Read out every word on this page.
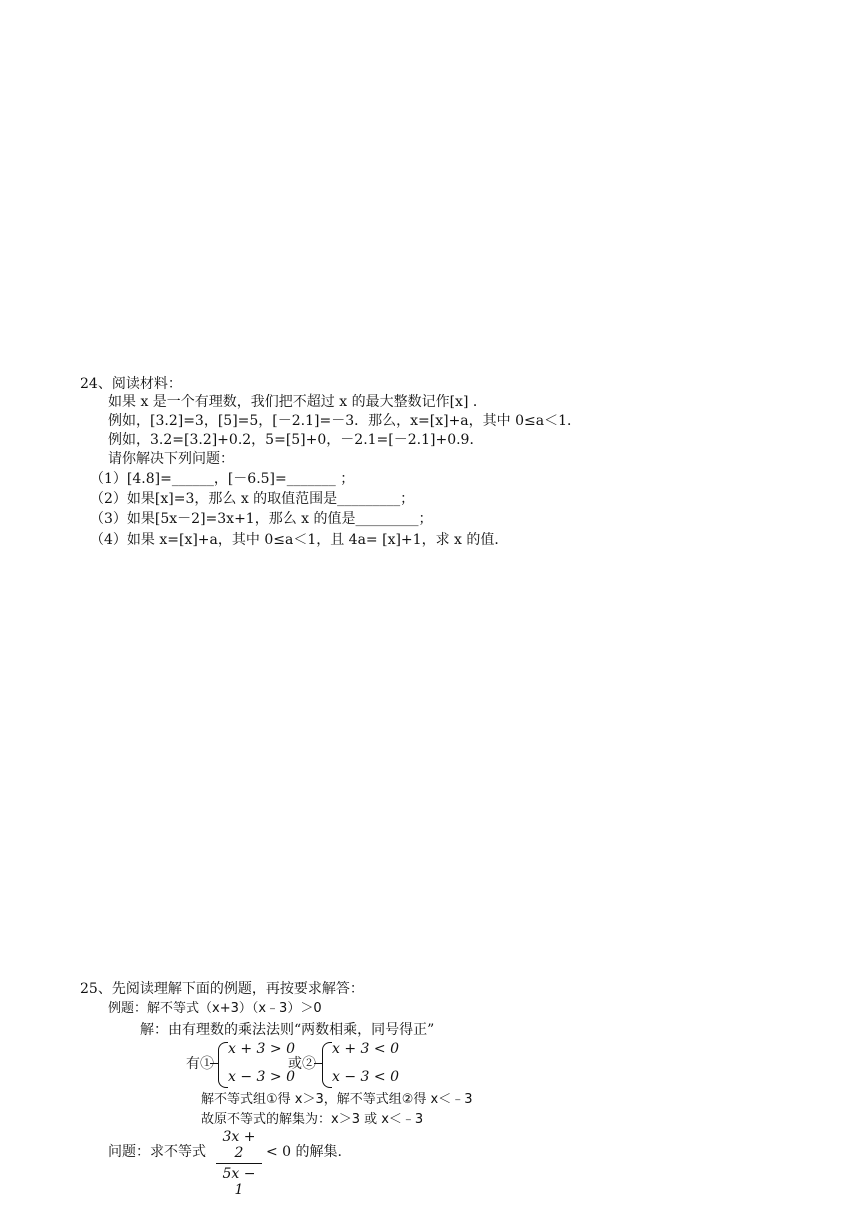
24、阅读材料：
如果 x 是一个有理数，我们把不超过 x 的最大整数记作[x] ．
例如，[3.2]=3，[5]=5，[－2.1]=－3．那么，x=[x]+a，其中 0≤a＜1．
例如，3.2=[3.2]+0.2，5=[5]+0，－2.1=[－2.1]+0.9．
请你解决下列问题：
（1）[4.8]=______，[－6.5]=_______ ；
（2）如果[x]=3，那么 x 的取值范围是_________；
（3）如果[5x－2]=3x+1，那么 x 的值是_________；
（4）如果 x=[x]+a，其中 0≤a＜1，且 4a= [x]+1，求 x 的值．
25、先阅读理解下面的例题，再按要求解答：
例题：解不等式（x+3）（x﹣3）＞0
解：由有理数的乘法法则“两数相乘，同号得正”
有①
x + 3 > 0
x − 3 > 0
或②
x + 3 < 0
x − 3 < 0
解不等式组①得 x＞3，解不等式组②得 x＜﹣3
故原不等式的解集为：x＞3 或 x＜﹣3
问题：求不等式
3x + 2
5x − 1
< 0 的解集.
